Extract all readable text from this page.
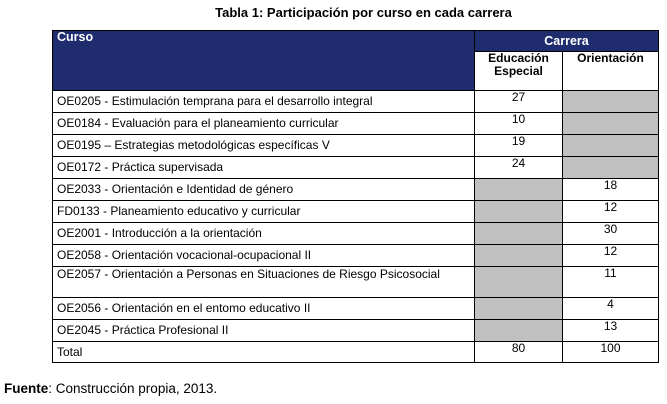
Tabla 1: Participación por curso en cada carrera
Curso	Carrera	
	Educación Especial	Orientación
OE0205 - Estimulación temprana para el desarrollo integral	27	
OE0184 - Evaluación para el planeamiento curricular	10	
OE0195 – Estrategias metodológicas específicas V	19	
OE0172 - Práctica supervisada	24	
OE2033 - Orientación e Identidad de género		18
FD0133 - Planeamiento educativo y curricular		12
OE2001 - Introducción a la orientación		30
OE2058 - Orientación vocacional-ocupacional II		12

OE2057 - Orientación a Personas en Situaciones de Riesgo Psicosocial		11
OE2056 - Orientación en el entomo educativo II		4
OE2045 - Práctica Profesional II		13
Total	80	100
Fuente: Construcción propia, 2013.
